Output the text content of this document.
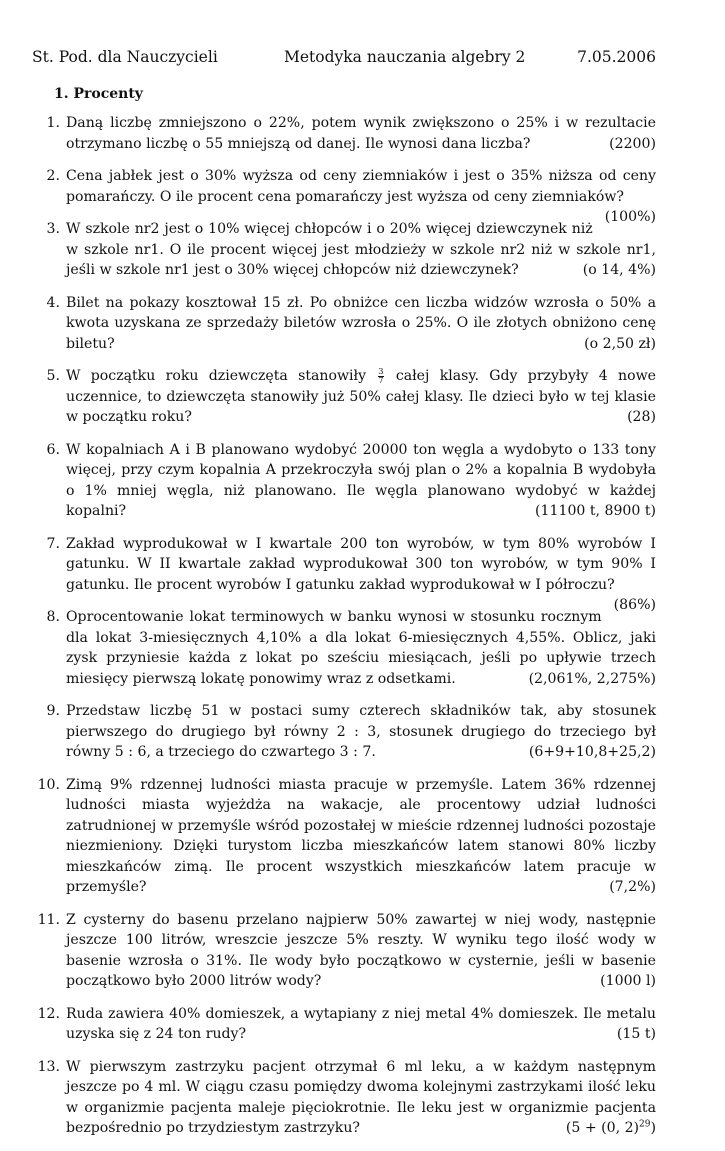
St. Pod. dla Nauczycieli	Metodyka nauczania algebry 2	7.05.2006
1. Procenty
1. Daną liczbę zmniejszono o 22%, potem wynik zwiększono o 25% i w rezultacie otrzymano liczbę o 55 mniejszą od danej. Ile wynosi dana liczba?	(2200)
2. Cena jabłek jest o 30% wyższa od ceny ziemniaków i jest o 35% niższa od ceny pomarańczy. O ile procent cena pomarańczy jest wyższa od ceny ziemniaków?
(100%)
3. W szkole nr2 jest o 10% więcej chłopców i o 20% więcej dziewczynek niż w szkole nr1. O ile procent więcej jest młodzieży w szkole nr2 niż w szkole nr1, jeśli w szkole nr1 jest o 30% więcej chłopców niż dziewczynek?	(o 14, 4%)
4. Bilet na pokazy kosztował 15 zł. Po obniżce cen liczba widzów wzrosła o 50% a kwota uzyskana ze sprzedaży biletów wzrosła o 25%. O ile złotych obniżono cenę biletu?	(o 2,50 zł)
5. W początku roku dziewczęta stanowiły $\frac{3}{7}$ całej klasy. Gdy przybyły 4 nowe uczennice, to dziewczęta stanowiły już 50% całej klasy. Ile dzieci było w tej klasie w początku roku?	(28)
6. W kopalniach A i B planowano wydobyć 20000 ton węgla a wydobyto o 133 tony więcej, przy czym kopalnia A przekroczyła swój plan o 2% a kopalnia B wydobyła o 1% mniej węgla, niż planowano. Ile węgla planowano wydobyć w każdej kopalni?	(11100 t, 8900 t)
7. Zakład wyprodukował w I kwartale 200 ton wyrobów, w tym 80% wyrobów I gatunku. W II kwartale zakład wyprodukował 300 ton wyrobów, w tym 90% I gatunku. Ile procent wyrobów I gatunku zakład wyprodukował w I półroczu?
(86%)
8. Oprocentowanie lokat terminowych w banku wynosi w stosunku rocznym dla lokat 3-miesięcznych 4,10% a dla lokat 6-miesięcznych 4,55%. Oblicz, jaki zysk przyniesie każda z lokat po sześciu miesiącach, jeśli po upływie trzech miesięcy pierwszą lokatę ponowimy wraz z odsetkami.	(2,061%, 2,275%)
9. Przedstaw liczbę 51 w postaci sumy czterech składników tak, aby stosunek pierwszego do drugiego był równy 2 : 3, stosunek drugiego do trzeciego był równy 5 : 6, a trzeciego do czwartego 3 : 7.	(6+9+10,8+25,2)
10. Zimą 9% rdzennej ludności miasta pracuje w przemyśle. Latem 36% rdzennej ludności miasta wyjeżdża na wakacje, ale procentowy udział ludności zatrudnionej w przemyśle wśród pozostałej w mieście rdzennej ludności pozostaje niezmieniony. Dzięki turystom liczba mieszkańców latem stanowi 80% liczby mieszkańców zimą. Ile procent wszystkich mieszkańców latem pracuje w przemyśle?	(7,2%)
11. Z cysterny do basenu przelano najpierw 50% zawartej w niej wody, następnie jeszcze 100 litrów, wreszcie jeszcze 5% reszty. W wyniku tego ilość wody w basenie wzrosła o 31%. Ile wody było początkowo w cysternie, jeśli w basenie początkowo było 2000 litrów wody?	(1000 l)
12. Ruda zawiera 40% domieszek, a wytapiany z niej metal 4% domieszek. Ile metalu uzyska się z 24 ton rudy?	(15 t)
13. W pierwszym zastrzyku pacjent otrzymał 6 ml leku, a w każdym następnym jeszcze po 4 ml. W ciągu czasu pomiędzy dwoma kolejnymi zastrzykami ilość leku w organizmie pacjenta maleje pięciokrotnie. Ile leku jest w organizmie pacjenta bezpośrednio po trzydziestym zastrzyku?	(5 + (0, 2)$^{29}$)
